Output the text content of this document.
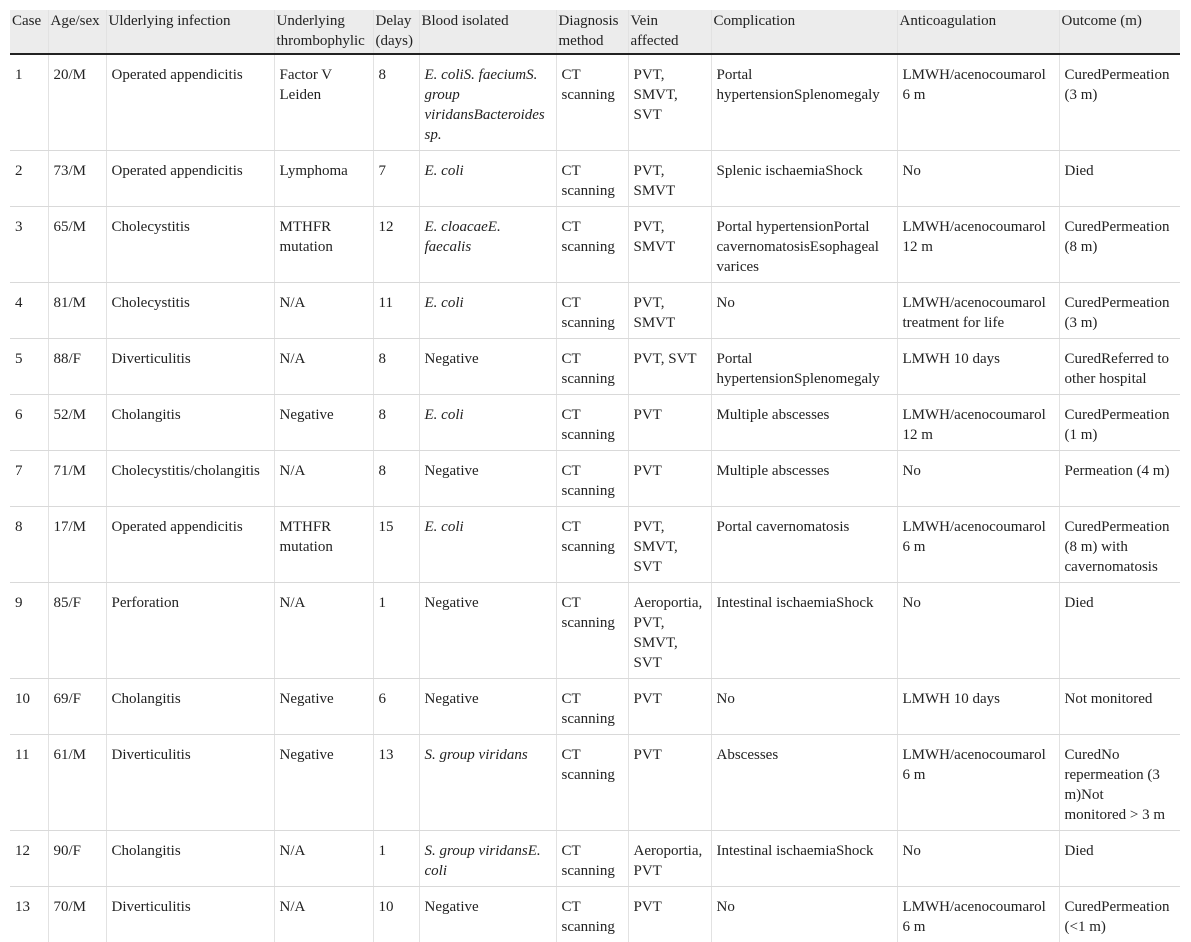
Case	Age/sex	Ulderlying infection	Underlying thrombophylic	Delay (days)	Blood isolated	Diagnosis method	Vein affected	Complication	Anticoagulation	Outcome (m)
1	20/M	Operated appendicitis	Factor V Leiden	8	E. coliS. faeciumS. group viridansBacteroides sp.	CT scanning	PVT, SMVT, SVT	Portal hypertensionSplenomegaly	LMWH/acenocoumarol 6 m	CuredPermeation (3 m)
2	73/M	Operated appendicitis	Lymphoma	7	E. coli	CT scanning	PVT, SMVT	Splenic ischaemiaShock	No	Died
3	65/M	Cholecystitis	MTHFR mutation	12	E. cloacaeE. faecalis	CT scanning	PVT, SMVT	Portal hypertensionPortal cavernomatosisEsophageal varices	LMWH/acenocoumarol 12 m	CuredPermeation (8 m)
4	81/M	Cholecystitis	N/A	11	E. coli	CT scanning	PVT, SMVT	No	LMWH/acenocoumarol treatment for life	CuredPermeation (3 m)
5	88/F	Diverticulitis	N/A	8	Negative	CT scanning	PVT, SVT	Portal hypertensionSplenomegaly	LMWH 10 days	CuredReferred to other hospital
6	52/M	Cholangitis	Negative	8	E. coli	CT scanning	PVT	Multiple abscesses	LMWH/acenocoumarol 12 m	CuredPermeation (1 m)
7	71/M	Cholecystitis/cholangitis	N/A	8	Negative	CT scanning	PVT	Multiple abscesses	No	Permeation (4 m)
8	17/M	Operated appendicitis	MTHFR mutation	15	E. coli	CT scanning	PVT, SMVT, SVT	Portal cavernomatosis	LMWH/acenocoumarol 6 m	CuredPermeation (8 m) with cavernomatosis
9	85/F	Perforation	N/A	1	Negative	CT scanning	Aeroportia, PVT, SMVT, SVT	Intestinal ischaemiaShock	No	Died
10	69/F	Cholangitis	Negative	6	Negative	CT scanning	PVT	No	LMWH 10 days	Not monitored
11	61/M	Diverticulitis	Negative	13	S. group viridans	CT scanning	PVT	Abscesses	LMWH/acenocoumarol 6 m	CuredNo repermeation (3 m)Not monitored > 3 m
12	90/F	Cholangitis	N/A	1	S. group viridansE. coli	CT scanning	Aeroportia, PVT	Intestinal ischaemiaShock	No	Died
13	70/M	Diverticulitis	N/A	10	Negative	CT scanning	PVT	No	LMWH/acenocoumarol 6 m	CuredPermeation (<1 m)
